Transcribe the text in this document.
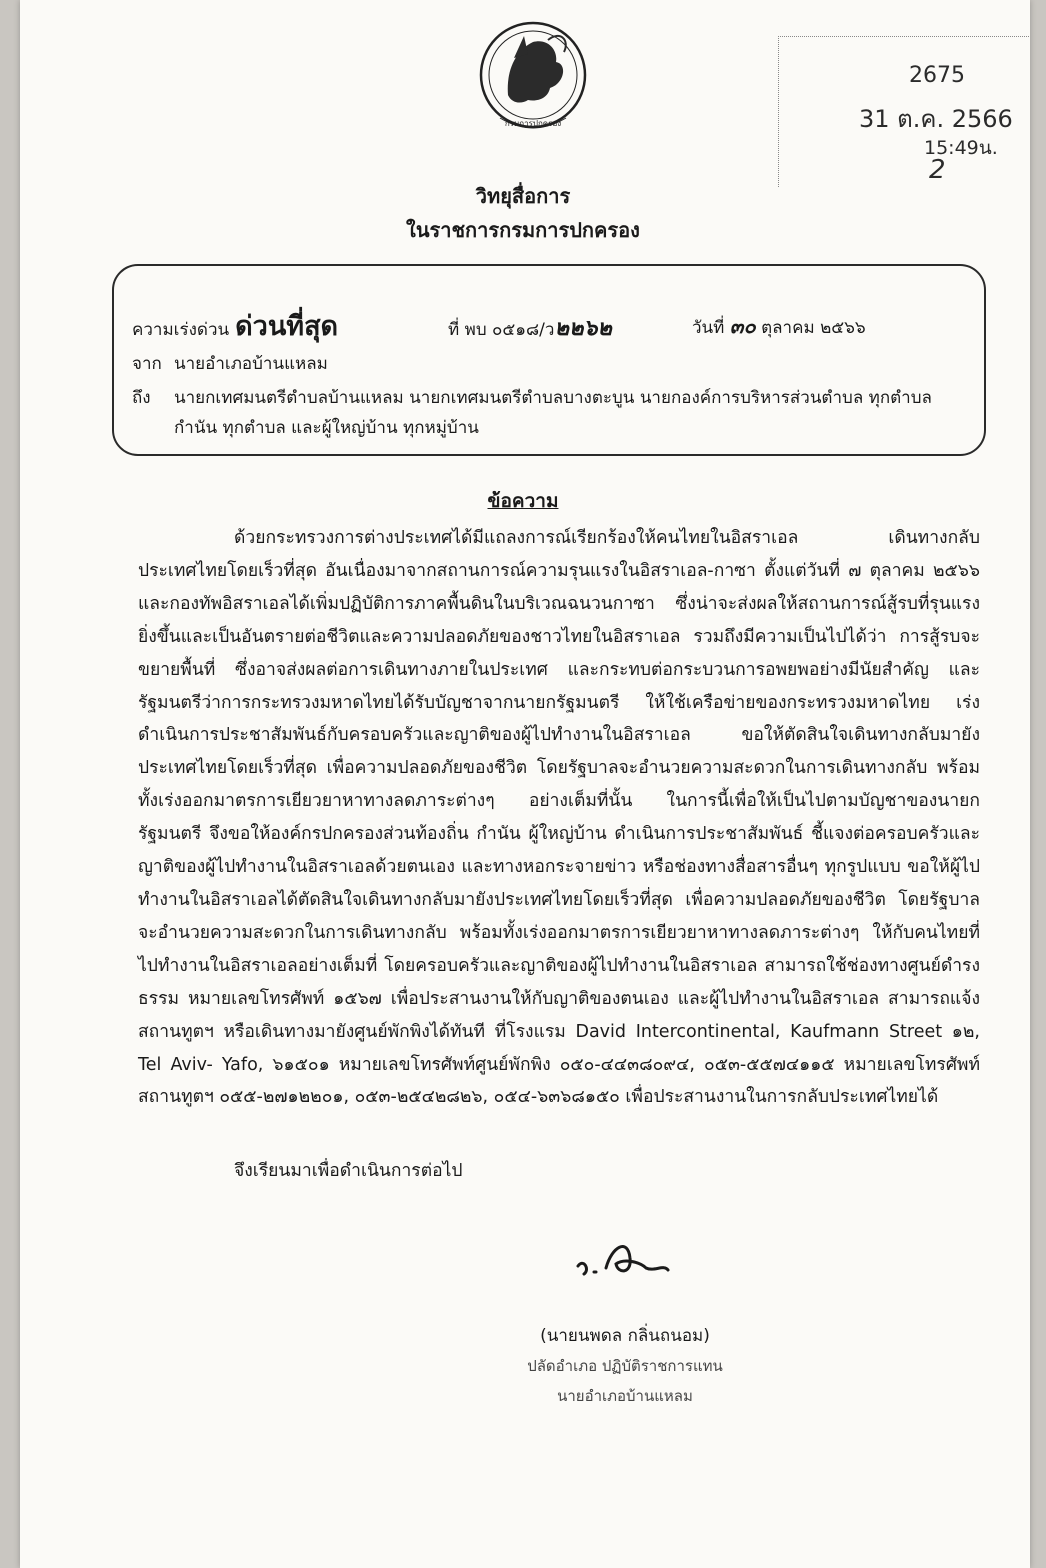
กรมการปกครอง
2675
31 ต.ค. 2566
15:49น.
2
วิทยุสื่อการ
ในราชการกรมการปกครอง
ความเร่งด่วน ด่วนที่สุด	ที่ พบ ๐๕๑๘/ว๒๒๖๒	วันที่ ๓๐ ตุลาคม ๒๕๖๖
จาก นายอำเภอบ้านแหลม
ถึง นายกเทศมนตรีตำบลบ้านแหลม นายกเทศมนตรีตำบลบางตะบูน นายกองค์การบริหารส่วนตำบล ทุกตำบล
กำนัน ทุกตำบล และผู้ใหญ่บ้าน ทุกหมู่บ้าน
ข้อความ

ด้วยกระทรวงการต่างประเทศได้มีแถลงการณ์เรียกร้องให้คนไทยในอิสราเอล เดินทางกลับประเทศไทยโดยเร็วที่สุด อันเนื่องมาจากสถานการณ์ความรุนแรงในอิสราเอล-กาซา ตั้งแต่วันที่ ๗ ตุลาคม ๒๕๖๖ และกองทัพอิสราเอลได้เพิ่มปฏิบัติการภาคพื้นดินในบริเวณฉนวนกาซา ซึ่งน่าจะส่งผลให้สถานการณ์สู้รบที่รุนแรงยิ่งขึ้นและเป็นอันตรายต่อชีวิตและความปลอดภัยของชาวไทยในอิสราเอล รวมถึงมีความเป็นไปได้ว่า การสู้รบจะขยายพื้นที่ ซึ่งอาจส่งผลต่อการเดินทางภายในประเทศ และกระทบต่อกระบวนการอพยพอย่างมีนัยสำคัญ และรัฐมนตรีว่าการกระทรวงมหาดไทยได้รับบัญชาจากนายกรัฐมนตรี ให้ใช้เครือข่ายของกระทรวงมหาดไทย เร่งดำเนินการประชาสัมพันธ์กับครอบครัวและญาติของผู้ไปทำงานในอิสราเอล ขอให้ตัดสินใจเดินทางกลับมายังประเทศไทยโดยเร็วที่สุด เพื่อความปลอดภัยของชีวิต โดยรัฐบาลจะอำนวยความสะดวกในการเดินทางกลับ พร้อมทั้งเร่งออกมาตรการเยียวยาหาทางลดภาระต่างๆ อย่างเต็มที่นั้น ในการนี้เพื่อให้เป็นไปตามบัญชาของนายกรัฐมนตรี จึงขอให้องค์กรปกครองส่วนท้องถิ่น กำนัน ผู้ใหญ่บ้าน ดำเนินการประชาสัมพันธ์ ชี้แจงต่อครอบครัวและญาติของผู้ไปทำงานในอิสราเอลด้วยตนเอง และทางหอกระจายข่าว หรือช่องทางสื่อสารอื่นๆ ทุกรูปแบบ ขอให้ผู้ไปทำงานในอิสราเอลได้ตัดสินใจเดินทางกลับมายังประเทศไทยโดยเร็วที่สุด เพื่อความปลอดภัยของชีวิต โดยรัฐบาลจะอำนวยความสะดวกในการเดินทางกลับ พร้อมทั้งเร่งออกมาตรการเยียวยาหาทางลดภาระต่างๆ ให้กับคนไทยที่ไปทำงานในอิสราเอลอย่างเต็มที่ โดยครอบครัวและญาติของผู้ไปทำงานในอิสราเอล สามารถใช้ช่องทางศูนย์ดำรงธรรม หมายเลขโทรศัพท์ ๑๕๖๗ เพื่อประสานงานให้กับญาติของตนเอง และผู้ไปทำงานในอิสราเอล สามารถแจ้งสถานทูตฯ หรือเดินทางมายังศูนย์พักพิงได้ทันที ที่โรงแรม David Intercontinental, Kaufmann Street ๑๒, Tel Aviv- Yafo, ๖๑๕๐๑ หมายเลขโทรศัพท์ศูนย์พักพิง ๐๕๐-๔๔๓๘๐๙๔, ๐๕๓-๕๕๗๔๑๑๕ หมายเลขโทรศัพท์สถานทูตฯ ๐๕๕-๒๗๑๒๒๐๑, ๐๕๓-๒๕๔๒๘๒๖, ๐๕๔-๖๓๖๘๑๕๐ เพื่อประสานงานในการกลับประเทศไทยได้

จึงเรียนมาเพื่อดำเนินการต่อไป
ภ. สิล
(นายนพดล กลิ่นถนอม)
ปลัดอำเภอ ปฏิบัติราชการแทน
นายอำเภอบ้านแหลม
